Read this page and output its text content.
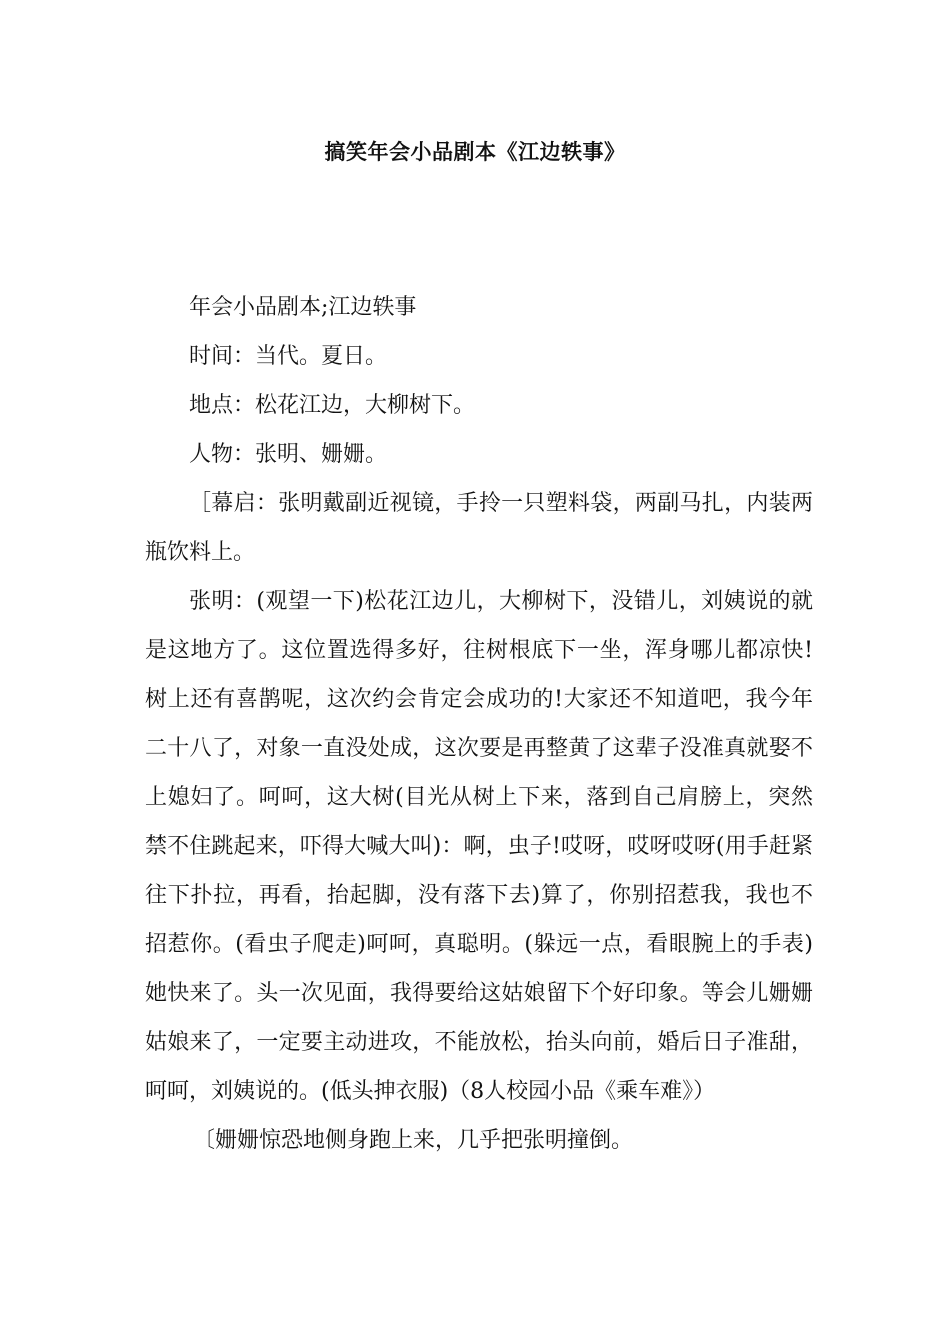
搞笑年会小品剧本《江边轶事》

年会小品剧本;江边轶事

时间：当代。夏日。

地点：松花江边，大柳树下。

人物：张明、姗姗。

［幕启：张明戴副近视镜，手拎一只塑料袋，两副马扎，内装两瓶饮料上。

张明：(观望一下)松花江边儿，大柳树下，没错儿，刘姨说的就是这地方了。这位置选得多好，往树根底下一坐，浑身哪儿都凉快!树上还有喜鹊呢，这次约会肯定会成功的!大家还不知道吧，我今年二十八了，对象一直没处成，这次要是再整黄了这辈子没准真就娶不上媳妇了。呵呵，这大树(目光从树上下来，落到自己肩膀上，突然禁不住跳起来，吓得大喊大叫)：啊，虫子!哎呀，哎呀哎呀(用手赶紧往下扑拉，再看，抬起脚，没有落下去)算了，你别招惹我，我也不招惹你。(看虫子爬走)呵呵，真聪明。(躲远一点，看眼腕上的手表)她快来了。头一次见面，我得要给这姑娘留下个好印象。等会儿姗姗姑娘来了，一定要主动进攻，不能放松，抬头向前，婚后日子准甜，呵呵，刘姨说的。(低头抻衣服)（8人校园小品《乘车难》）

〔姗姗惊恐地侧身跑上来，几乎把张明撞倒。
